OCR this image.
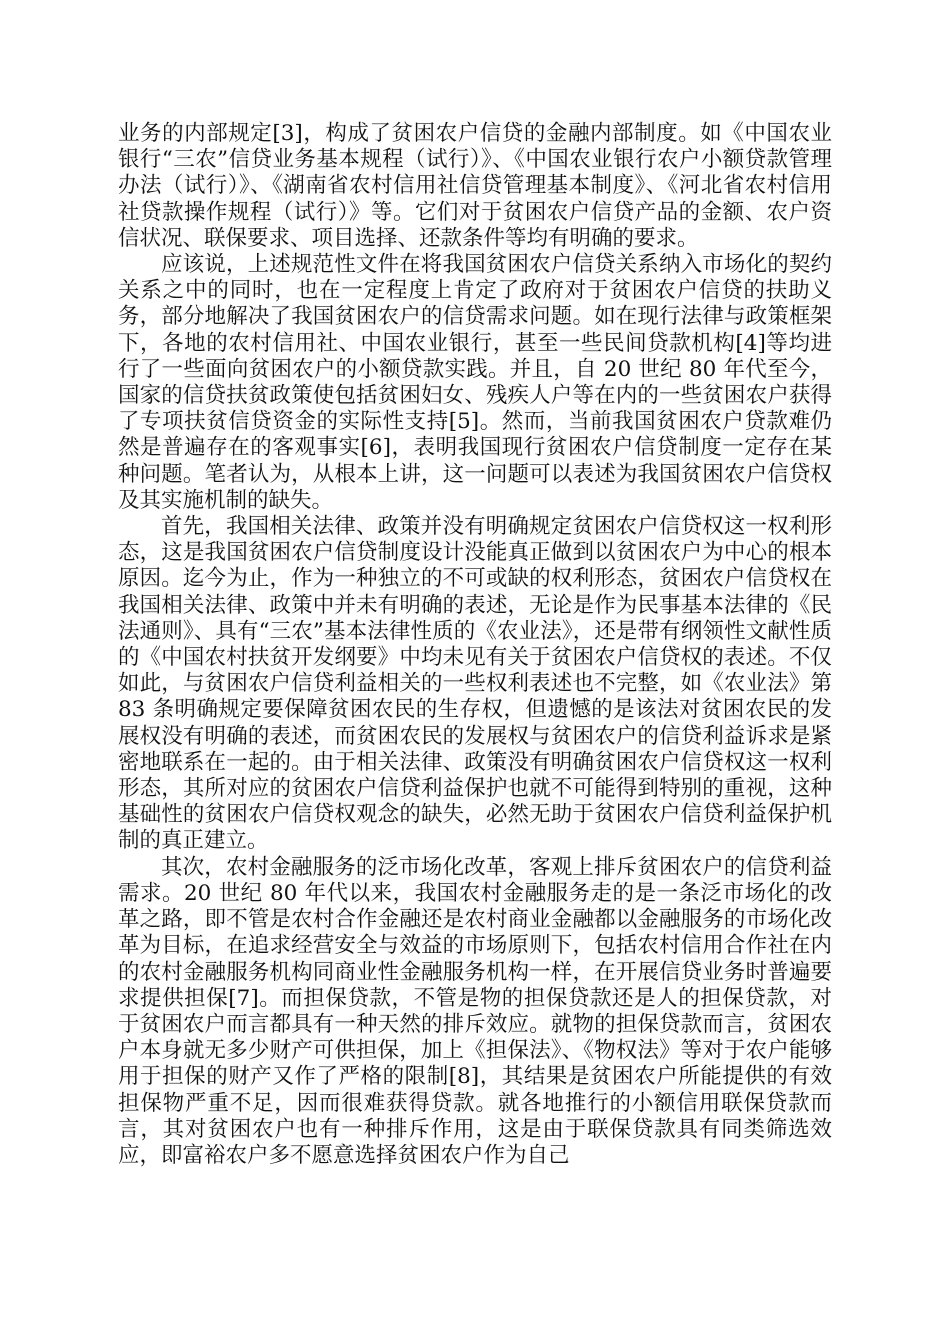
业务的内部规定[3]，构成了贫困农户信贷的金融内部制度。如《中国农业银行“三农”信贷业务基本规程（试行）》、《中国农业银行农户小额贷款管理办法（试行）》、《湖南省农村信用社信贷管理基本制度》、《河北省农村信用社贷款操作规程（试行）》等。它们对于贫困农户信贷产品的金额、农户资信状况、联保要求、项目选择、还款条件等均有明确的要求。

应该说，上述规范性文件在将我国贫困农户信贷关系纳入市场化的契约关系之中的同时，也在一定程度上肯定了政府对于贫困农户信贷的扶助义务，部分地解决了我国贫困农户的信贷需求问题。如在现行法律与政策框架下，各地的农村信用社、中国农业银行，甚至一些民间贷款机构[4]等均进行了一些面向贫困农户的小额贷款实践。并且，自 20 世纪 80 年代至今，国家的信贷扶贫政策使包括贫困妇女、残疾人户等在内的一些贫困农户获得了专项扶贫信贷资金的实际性支持[5]。然而，当前我国贫困农户贷款难仍然是普遍存在的客观事实[6]，表明我国现行贫困农户信贷制度一定存在某种问题。笔者认为，从根本上讲，这一问题可以表述为我国贫困农户信贷权及其实施机制的缺失。

首先，我国相关法律、政策并没有明确规定贫困农户信贷权这一权利形态，这是我国贫困农户信贷制度设计没能真正做到以贫困农户为中心的根本原因。迄今为止，作为一种独立的不可或缺的权利形态，贫困农户信贷权在我国相关法律、政策中并未有明确的表述，无论是作为民事基本法律的《民法通则》、具有“三农”基本法律性质的《农业法》，还是带有纲领性文献性质的《中国农村扶贫开发纲要》中均未见有关于贫困农户信贷权的表述。不仅如此，与贫困农户信贷利益相关的一些权利表述也不完整，如《农业法》第 83 条明确规定要保障贫困农民的生存权，但遗憾的是该法对贫困农民的发展权没有明确的表述，而贫困农民的发展权与贫困农户的信贷利益诉求是紧密地联系在一起的。由于相关法律、政策没有明确贫困农户信贷权这一权利形态，其所对应的贫困农户信贷利益保护也就不可能得到特别的重视，这种基础性的贫困农户信贷权观念的缺失，必然无助于贫困农户信贷利益保护机制的真正建立。

其次，农村金融服务的泛市场化改革，客观上排斥贫困农户的信贷利益需求。20 世纪 80 年代以来，我国农村金融服务走的是一条泛市场化的改革之路，即不管是农村合作金融还是农村商业金融都以金融服务的市场化改革为目标，在追求经营安全与效益的市场原则下，包括农村信用合作社在内的农村金融服务机构同商业性金融服务机构一样，在开展信贷业务时普遍要求提供担保[7]。而担保贷款，不管是物的担保贷款还是人的担保贷款，对于贫困农户而言都具有一种天然的排斥效应。就物的担保贷款而言，贫困农户本身就无多少财产可供担保，加上《担保法》、《物权法》等对于农户能够用于担保的财产又作了严格的限制[8]，其结果是贫困农户所能提供的有效担保物严重不足，因而很难获得贷款。就各地推行的小额信用联保贷款而言，其对贫困农户也有一种排斥作用，这是由于联保贷款具有同类筛选效应，即富裕农户多不愿意选择贫困农户作为自己
